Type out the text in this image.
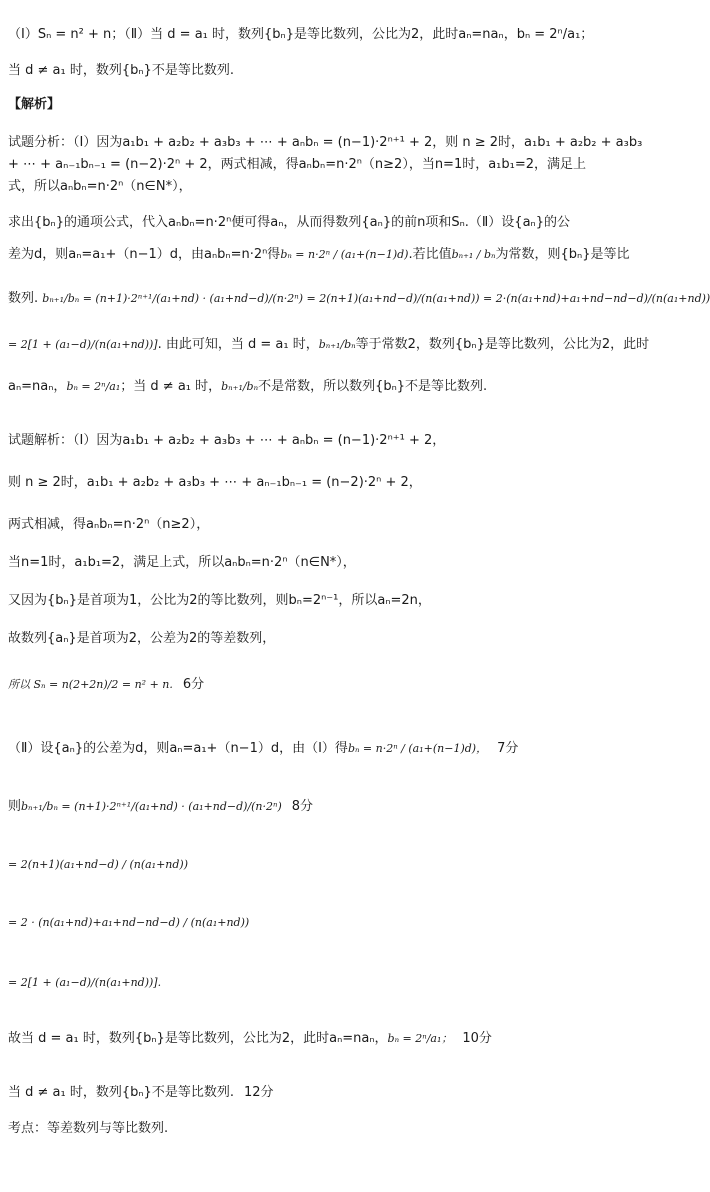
（Ⅰ）Sₙ = n² + n；（Ⅱ）当 d = a₁ 时，数列{bₙ}是等比数列，公比为2，此时aₙ=naₙ，bₙ = 2ⁿ/a₁；
当 d ≠ a₁ 时，数列{bₙ}不是等比数列.
【解析】
试题分析：（Ⅰ）因为a₁b₁ + a₂b₂ + a₃b₃ + ⋯ + aₙbₙ = (n−1)·2ⁿ⁺¹ + 2，则 n ≥ 2时，a₁b₁ + a₂b₂ + a₃b₃
+ ⋯ + aₙ₋₁bₙ₋₁ = (n−2)·2ⁿ + 2，两式相减，得aₙbₙ=n·2ⁿ（n≥2），当n=1时，a₁b₁=2，满足上
式，所以aₙbₙ=n·2ⁿ（n∈N*），
求出{bₙ}的通项公式，代入aₙbₙ=n·2ⁿ便可得aₙ，从而得数列{aₙ}的前n项和Sₙ.（Ⅱ）设{aₙ}的公
差为d，则aₙ=a₁+（n−1）d，由aₙbₙ=n·2ⁿ得bₙ = n·2ⁿ / (a₁+(n−1)d).若比值bₙ₊₁ / bₙ为常数，则{bₙ}是等比
数列. bₙ₊₁/bₙ = (n+1)·2ⁿ⁺¹/(a₁+nd) · (a₁+nd−d)/(n·2ⁿ) = 2(n+1)(a₁+nd−d)/(n(a₁+nd)) = 2·(n(a₁+nd)+a₁+nd−nd−d)/(n(a₁+nd))
= 2[1 + (a₁−d)/(n(a₁+nd))]. 由此可知，当 d = a₁ 时，bₙ₊₁/bₙ等于常数2，数列{bₙ}是等比数列，公比为2，此时
aₙ=naₙ，bₙ = 2ⁿ/a₁；当 d ≠ a₁ 时，bₙ₊₁/bₙ不是常数，所以数列{bₙ}不是等比数列.
试题解析：（Ⅰ）因为a₁b₁ + a₂b₂ + a₃b₃ + ⋯ + aₙbₙ = (n−1)·2ⁿ⁺¹ + 2，
则 n ≥ 2时，a₁b₁ + a₂b₂ + a₃b₃ + ⋯ + aₙ₋₁bₙ₋₁ = (n−2)·2ⁿ + 2，
两式相减，得aₙbₙ=n·2ⁿ（n≥2），
当n=1时，a₁b₁=2，满足上式，所以aₙbₙ=n·2ⁿ（n∈N*），
又因为{bₙ}是首项为1，公比为2的等比数列，则bₙ=2ⁿ⁻¹，所以aₙ=2n，
故数列{aₙ}是首项为2，公差为2的等差数列，
所以 Sₙ = n(2+2n)/2 = n² + n. 6分
（Ⅱ）设{aₙ}的公差为d，则aₙ=a₁+（n−1）d，由（Ⅰ）得bₙ = n·2ⁿ / (a₁+(n−1)d)， 7分
则bₙ₊₁/bₙ = (n+1)·2ⁿ⁺¹/(a₁+nd) · (a₁+nd−d)/(n·2ⁿ) 8分
= 2(n+1)(a₁+nd−d) / (n(a₁+nd))
= 2 · (n(a₁+nd)+a₁+nd−nd−d) / (n(a₁+nd))
= 2[1 + (a₁−d)/(n(a₁+nd))].
故当 d = a₁ 时，数列{bₙ}是等比数列，公比为2，此时aₙ=naₙ，bₙ = 2ⁿ/a₁； 10分
当 d ≠ a₁ 时，数列{bₙ}不是等比数列. 12分
考点：等差数列与等比数列.
